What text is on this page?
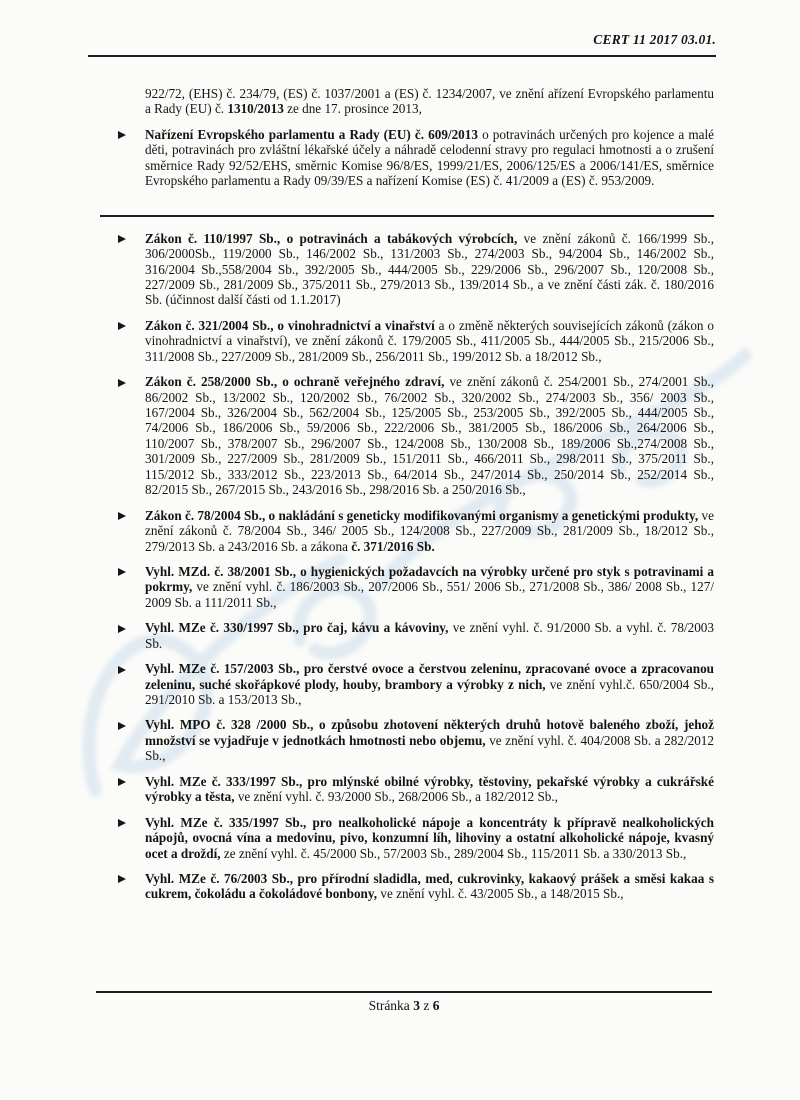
CERT 11 2017 03.01.

922/72, (EHS) č. 234/79, (ES) č. 1037/2001 a (ES) č. 1234/2007, ve znění ařízení Evropského parlamentu a Rady (EU) č. 1310/2013 ze dne 17. prosince 2013,

Nařízení Evropského parlamentu a Rady (EU) č. 609/2013 o potravinách určených pro kojence a malé děti, potravinách pro zvláštní lékařské účely a náhradě celodenní stravy pro regulaci hmotnosti a o zrušení směrnice Rady 92/52/EHS, směrnic Komise 96/8/ES, 1999/21/ES, 2006/125/ES a 2006/141/ES, směrnice Evropského parlamentu a Rady 09/39/ES a nařízení Komise (ES) č. 41/2009 a (ES) č. 953/2009.

Zákon č. 110/1997 Sb., o potravinách a tabákových výrobcích, ve znění zákonů č. 166/1999 Sb., 306/2000Sb., 119/2000 Sb., 146/2002 Sb., 131/2003 Sb., 274/2003 Sb., 94/2004 Sb., 146/2002 Sb., 316/2004 Sb.,558/2004 Sb., 392/2005 Sb., 444/2005 Sb., 229/2006 Sb., 296/2007 Sb., 120/2008 Sb., 227/2009 Sb., 281/2009 Sb., 375/2011 Sb., 279/2013 Sb., 139/2014 Sb., a ve znění části zák. č. 180/2016 Sb. (účinnost další části od 1.1.2017)

Zákon č. 321/2004 Sb., o vinohradnictví a vinařství a o změně některých souvisejících zákonů (zákon o vinohradnictví a vinařství), ve znění zákonů č. 179/2005 Sb., 411/2005 Sb., 444/2005 Sb., 215/2006 Sb., 311/2008 Sb., 227/2009 Sb., 281/2009 Sb., 256/2011 Sb., 199/2012 Sb. a 18/2012 Sb.,

Zákon č. 258/2000 Sb., o ochraně veřejného zdraví, ve znění zákonů č. 254/2001 Sb., 274/2001 Sb., 86/2002 Sb., 13/2002 Sb., 120/2002 Sb., 76/2002 Sb., 320/2002 Sb., 274/2003 Sb., 356/ 2003 Sb., 167/2004 Sb., 326/2004 Sb., 562/2004 Sb., 125/2005 Sb., 253/2005 Sb., 392/2005 Sb., 444/2005 Sb., 74/2006 Sb., 186/2006 Sb., 59/2006 Sb., 222/2006 Sb., 381/2005 Sb., 186/2006 Sb., 264/2006 Sb., 110/2007 Sb., 378/2007 Sb., 296/2007 Sb., 124/2008 Sb., 130/2008 Sb., 189/2006 Sb.,274/2008 Sb., 301/2009 Sb., 227/2009 Sb., 281/2009 Sb., 151/2011 Sb., 466/2011 Sb., 298/2011 Sb., 375/2011 Sb., 115/2012 Sb., 333/2012 Sb., 223/2013 Sb., 64/2014 Sb., 247/2014 Sb., 250/2014 Sb., 252/2014 Sb., 82/2015 Sb., 267/2015 Sb., 243/2016 Sb., 298/2016 Sb. a 250/2016 Sb.,

Zákon č. 78/2004 Sb., o nakládání s geneticky modifikovanými organismy a genetickými produkty, ve znění zákonů č. 78/2004 Sb., 346/ 2005 Sb., 124/2008 Sb., 227/2009 Sb., 281/2009 Sb., 18/2012 Sb., 279/2013 Sb. a 243/2016 Sb. a zákona č. 371/2016 Sb.

Vyhl. MZd. č. 38/2001 Sb., o hygienických požadavcích na výrobky určené pro styk s potravinami a pokrmy, ve znění vyhl. č. 186/2003 Sb., 207/2006 Sb., 551/ 2006 Sb., 271/2008 Sb., 386/ 2008 Sb., 127/ 2009 Sb. a 111/2011 Sb.,

Vyhl. MZe č. 330/1997 Sb., pro čaj, kávu a kávoviny, ve znění vyhl. č. 91/2000 Sb. a vyhl. č. 78/2003 Sb.

Vyhl. MZe č. 157/2003 Sb., pro čerstvé ovoce a čerstvou zeleninu, zpracované ovoce a zpracovanou zeleninu, suché skořápkové plody, houby, brambory a výrobky z nich, ve znění vyhl.č. 650/2004 Sb., 291/2010 Sb. a 153/2013 Sb.,

Vyhl. MPO č. 328 /2000 Sb., o způsobu zhotovení některých druhů hotově baleného zboží, jehož množství se vyjadřuje v jednotkách hmotnosti nebo objemu, ve znění vyhl. č. 404/2008 Sb. a 282/2012 Sb.,

Vyhl. MZe č. 333/1997 Sb., pro mlýnské obilné výrobky, těstoviny, pekařské výrobky a cukrářské výrobky a těsta, ve znění vyhl. č. 93/2000 Sb., 268/2006 Sb., a 182/2012 Sb.,

Vyhl. MZe č. 335/1997 Sb., pro nealkoholické nápoje a koncentráty k přípravě nealkoholických nápojů, ovocná vína a medovinu, pivo, konzumní líh, lihoviny a ostatní alkoholické nápoje, kvasný ocet a droždí, ze znění vyhl. č. 45/2000 Sb., 57/2003 Sb., 289/2004 Sb., 115/2011 Sb. a 330/2013 Sb.,

Vyhl. MZe č. 76/2003 Sb., pro přírodní sladidla, med, cukrovinky, kakaový prášek a směsi kakaa s cukrem, čokoládu a čokoládové bonbony, ve znění vyhl. č. 43/2005 Sb., a 148/2015 Sb.,

Stránka 3 z 6
